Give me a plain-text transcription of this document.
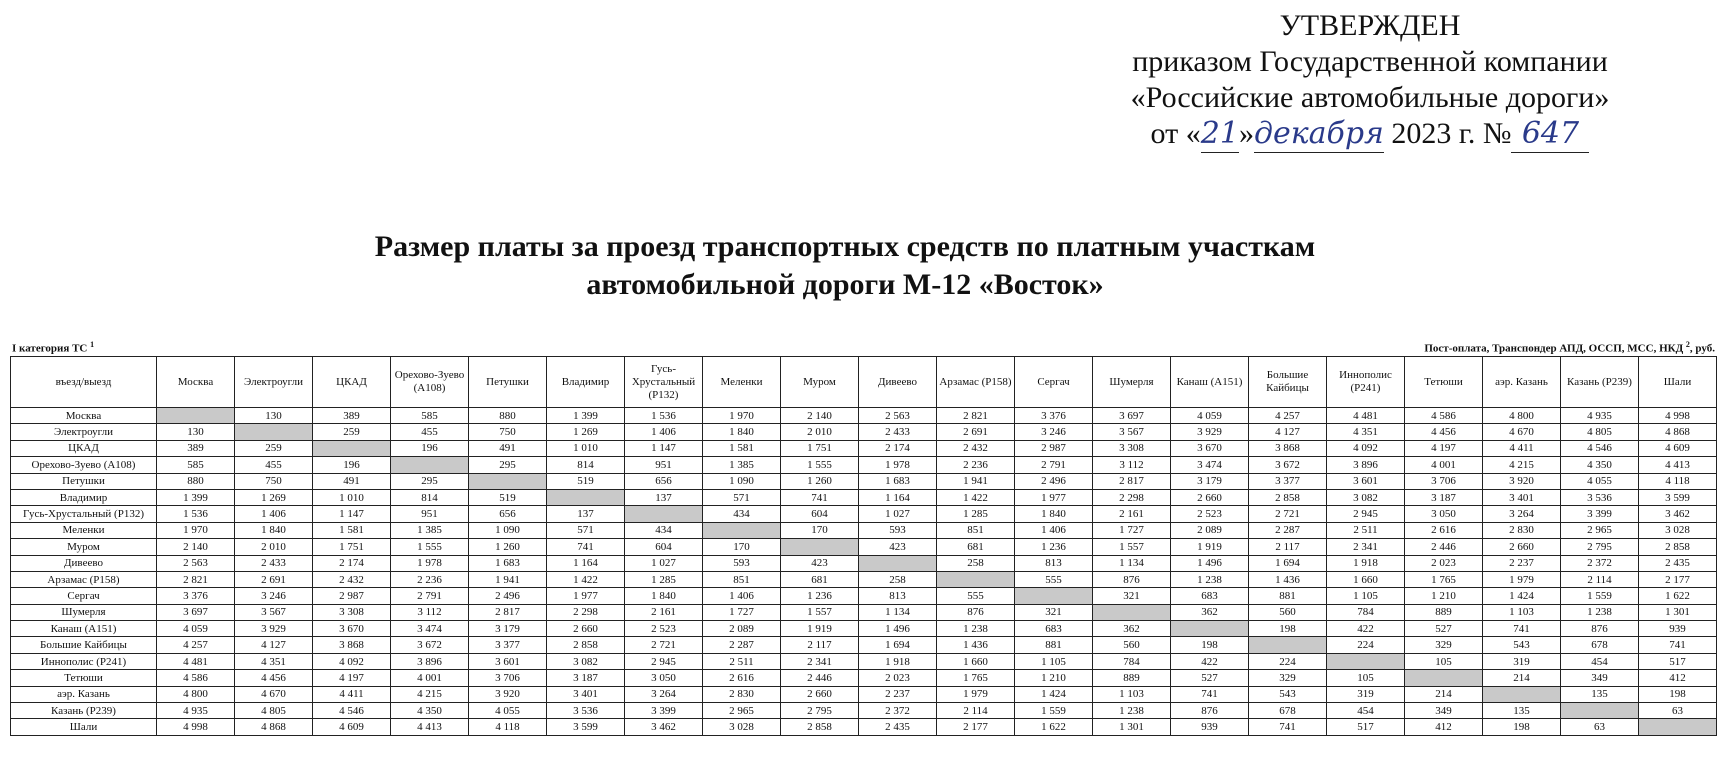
УТВЕРЖДЕН
приказом Государственной компании
«Российские автомобильные дороги»
от «21»декабря 2023 г. № 647
Размер платы за проезд транспортных средств по платным участкам
автомобильной дороги М-12 «Восток»
I категория ТС $^1$	Пост-оплата, Транспондер АПД, ОССП, МСС, НКД $^2$, руб.
въезд/выезд	Москва	Электроугли	ЦКАД	Орехово-Зуево (А108)	Петушки	Владимир	Гусь-Хрустальный (Р132)	Меленки	Муром	Дивеево	Арзамас (Р158)	Сергач	Шумерля	Канаш (А151)	Большие Кайбицы	Иннополис (Р241)	Тетюши	аэр. Казань	Казань (Р239)	Шали
Москва		130	389	585	880	1 399	1 536	1 970	2 140	2 563	2 821	3 376	3 697	4 059	4 257	4 481	4 586	4 800	4 935	4 998
Электроугли	130		259	455	750	1 269	1 406	1 840	2 010	2 433	2 691	3 246	3 567	3 929	4 127	4 351	4 456	4 670	4 805	4 868
ЦКАД	389	259		196	491	1 010	1 147	1 581	1 751	2 174	2 432	2 987	3 308	3 670	3 868	4 092	4 197	4 411	4 546	4 609
Орехово-Зуево (А108)	585	455	196		295	814	951	1 385	1 555	1 978	2 236	2 791	3 112	3 474	3 672	3 896	4 001	4 215	4 350	4 413
Петушки	880	750	491	295		519	656	1 090	1 260	1 683	1 941	2 496	2 817	3 179	3 377	3 601	3 706	3 920	4 055	4 118
Владимир	1 399	1 269	1 010	814	519		137	571	741	1 164	1 422	1 977	2 298	2 660	2 858	3 082	3 187	3 401	3 536	3 599
Гусь-Хрустальный (Р132)	1 536	1 406	1 147	951	656	137		434	604	1 027	1 285	1 840	2 161	2 523	2 721	2 945	3 050	3 264	3 399	3 462
Меленки	1 970	1 840	1 581	1 385	1 090	571	434		170	593	851	1 406	1 727	2 089	2 287	2 511	2 616	2 830	2 965	3 028
Муром	2 140	2 010	1 751	1 555	1 260	741	604	170		423	681	1 236	1 557	1 919	2 117	2 341	2 446	2 660	2 795	2 858
Дивеево	2 563	2 433	2 174	1 978	1 683	1 164	1 027	593	423		258	813	1 134	1 496	1 694	1 918	2 023	2 237	2 372	2 435
Арзамас (Р158)	2 821	2 691	2 432	2 236	1 941	1 422	1 285	851	681	258		555	876	1 238	1 436	1 660	1 765	1 979	2 114	2 177
Сергач	3 376	3 246	2 987	2 791	2 496	1 977	1 840	1 406	1 236	813	555		321	683	881	1 105	1 210	1 424	1 559	1 622
Шумерля	3 697	3 567	3 308	3 112	2 817	2 298	2 161	1 727	1 557	1 134	876	321		362	560	784	889	1 103	1 238	1 301
Канаш (А151)	4 059	3 929	3 670	3 474	3 179	2 660	2 523	2 089	1 919	1 496	1 238	683	362		198	422	527	741	876	939
Большие Кайбицы	4 257	4 127	3 868	3 672	3 377	2 858	2 721	2 287	2 117	1 694	1 436	881	560	198		224	329	543	678	741
Иннополис (Р241)	4 481	4 351	4 092	3 896	3 601	3 082	2 945	2 511	2 341	1 918	1 660	1 105	784	422	224		105	319	454	517
Тетюши	4 586	4 456	4 197	4 001	3 706	3 187	3 050	2 616	2 446	2 023	1 765	1 210	889	527	329	105		214	349	412
аэр. Казань	4 800	4 670	4 411	4 215	3 920	3 401	3 264	2 830	2 660	2 237	1 979	1 424	1 103	741	543	319	214		135	198
Казань (Р239)	4 935	4 805	4 546	4 350	4 055	3 536	3 399	2 965	2 795	2 372	2 114	1 559	1 238	876	678	454	349	135		63
Шали	4 998	4 868	4 609	4 413	4 118	3 599	3 462	3 028	2 858	2 435	2 177	1 622	1 301	939	741	517	412	198	63	
